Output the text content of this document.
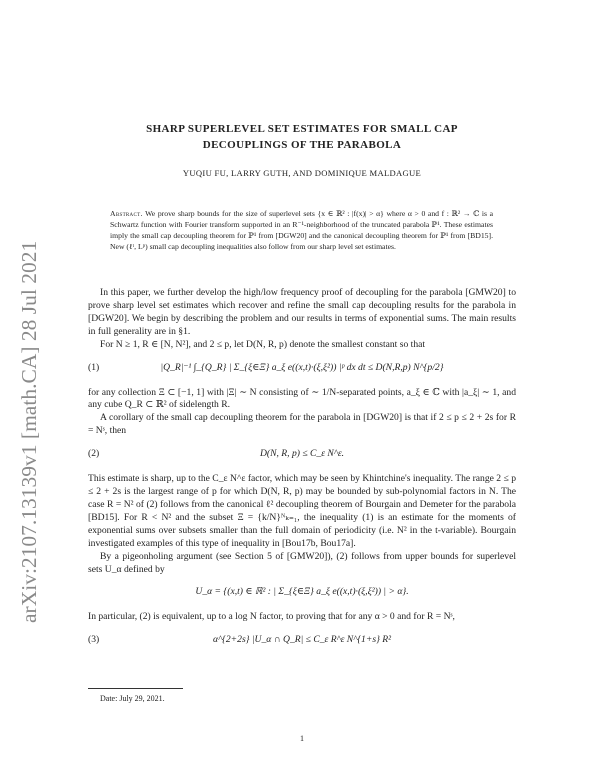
arXiv:2107.13139v1 [math.CA] 28 Jul 2021
SHARP SUPERLEVEL SET ESTIMATES FOR SMALL CAP
DECOUPLINGS OF THE PARABOLA
YUQIU FU, LARRY GUTH, AND DOMINIQUE MALDAGUE
Abstract. We prove sharp bounds for the size of superlevel sets {x ∈ ℝ² : |f(x)| > α} where α > 0 and f : ℝ² → ℂ is a Schwartz function with Fourier transform supported in an R⁻¹-neighborhood of the truncated parabola ℙ¹. These estimates imply the small cap decoupling theorem for ℙ¹ from [DGW20] and the canonical decoupling theorem for ℙ¹ from [BD15]. New (ℓᵗ, Lᵖ) small cap decoupling inequalities also follow from our sharp level set estimates.

In this paper, we further develop the high/low frequency proof of decoupling for the parabola [GMW20] to prove sharp level set estimates which recover and refine the small cap decoupling results for the parabola in [DGW20]. We begin by describing the problem and our results in terms of exponential sums. The main results in full generality are in §1.

For N ≥ 1, R ∈ [N, N²], and 2 ≤ p, let D(N, R, p) denote the smallest constant so that

(1)	|Q_R|⁻¹ ∫_{Q_R} | Σ_{ξ∈Ξ} a_ξ e((x,t)·(ξ,ξ²)) |ᵖ dx dt ≤ D(N,R,p) N^{p/2}

for any collection Ξ ⊂ [−1, 1] with |Ξ| ∼ N consisting of ∼ 1/N-separated points, a_ξ ∈ ℂ with |a_ξ| ∼ 1, and any cube Q_R ⊂ ℝ² of sidelength R.

A corollary of the small cap decoupling theorem for the parabola in [DGW20] is that if 2 ≤ p ≤ 2 + 2s for R = Nˢ, then

(2)	D(N, R, p) ≤ C_ε N^ε.

This estimate is sharp, up to the C_ε N^ε factor, which may be seen by Khintchine's inequality. The range 2 ≤ p ≤ 2 + 2s is the largest range of p for which D(N, R, p) may be bounded by sub-polynomial factors in N. The case R = N² of (2) follows from the canonical ℓ² decoupling theorem of Bourgain and Demeter for the parabola [BD15]. For R < N² and the subset Ξ = {k/N}ᴺₖ₌₁, the inequality (1) is an estimate for the moments of exponential sums over subsets smaller than the full domain of periodicity (i.e. N² in the t-variable). Bourgain investigated examples of this type of inequality in [Bou17b, Bou17a].

By a pigeonholing argument (see Section 5 of [GMW20]), (2) follows from upper bounds for superlevel sets U_α defined by

U_α = {(x,t) ∈ ℝ² : | Σ_{ξ∈Ξ} a_ξ e((x,t)·(ξ,ξ²)) | > α}.

In particular, (2) is equivalent, up to a log N factor, to proving that for any α > 0 and for R = Nˢ,

(3)	α^{2+2s} |U_α ∩ Q_R| ≤ C_ε R^ε N^{1+s} R²
Date: July 29, 2021.
1
